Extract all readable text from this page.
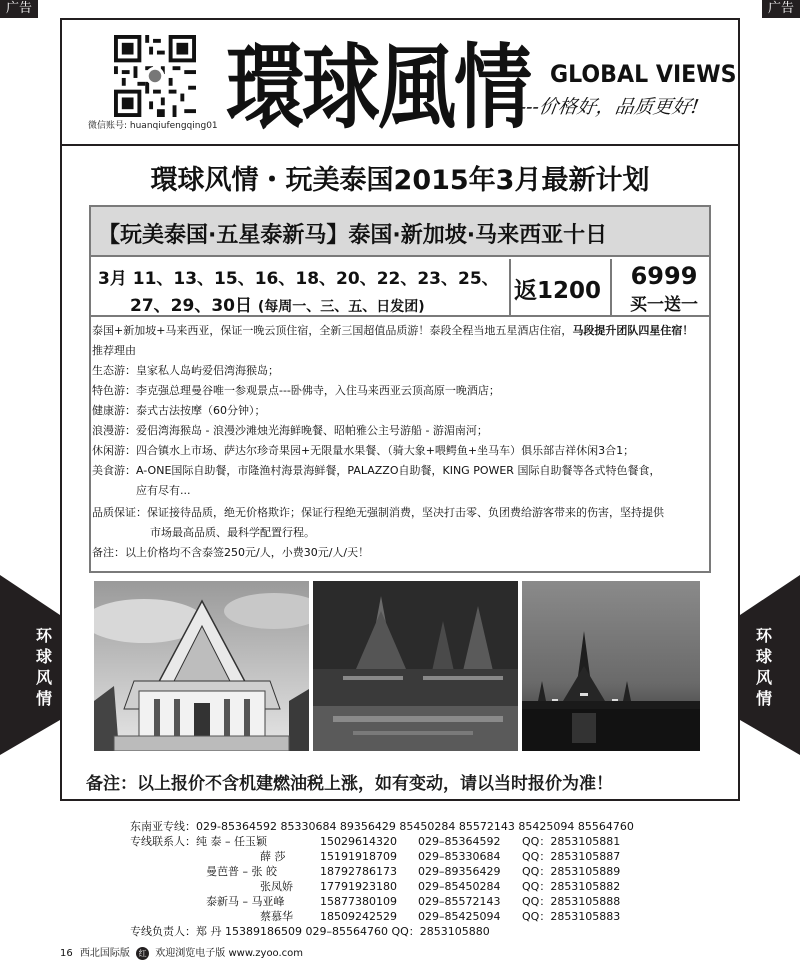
广告	广告
微信账号: huanqiufengqing01 環球風情 GLOBAL VIEWS
---价格好，品质更好!
環球风情・玩美泰国2015年3月最新计划
【玩美泰国·五星泰新马】泰国·新加坡·马来西亚十日
3月 11、13、15、16、18、20、22、23、25、
27、29、30日 (每周一、三、五、日发团)
返1200
6999
买一送一
泰国+新加坡+马来西亚，保证一晚云顶住宿，全新三国超值品质游！泰段全程当地五星酒店住宿，马段提升团队四星住宿！
推荐理由
生态游：皇家私人岛屿爱侣湾海猴岛；
特色游：李克强总理曼谷唯一参观景点---卧佛寺，入住马来西亚云顶高原一晚酒店；
健康游：泰式古法按摩（60分钟）；
浪漫游：爱侣湾海猴岛 - 浪漫沙滩烛光海鲜晚餐、昭帕雅公主号游船 - 游湄南河；
休闲游：四合镇水上市场、萨达尔珍奇果园+无限量水果餐、（骑大象+喂鳄鱼+坐马车）俱乐部吉祥休闲3合1；
美食游：A-ONE国际自助餐，市隆渔村海景海鲜餐，PALAZZO自助餐，KING POWER 国际自助餐等各式特色餐食，
应有尽有...
品质保证：保证接待品质，绝无价格欺诈；保证行程绝无强制消费，坚决打击零、负团费给游客带来的伤害，坚持提供
市场最高品质、最科学配置行程。
备注：以上价格均不含泰签250元/人，小费30元/人/天！
备注：以上报价不含机建燃油税上涨，如有变动，请以当时报价为准！
环
球
风
情
环
球
风
情
东南亚专线：029-85364592 85330684 89356429 85450284 85572143 85425094 85564760
专线联系人：纯 泰 – 任玉颖
薛 莎
曼芭普 – 张 皎
张凤娇
泰新马 – 马亚峰
蔡慕华
15029614320
15191918709
18792786173
17791923180
15877380109
18509242529
029–85364592
029–85330684
029–89356429
029–85450284
029–85572143
029–85425094
QQ：2853105881
QQ：2853105887
QQ：2853105889
QQ：2853105882
QQ：2853105888
QQ：2853105883
专线负责人：郑 丹 15389186509 029–85564760 QQ：2853105880
16 西北国际版 红 欢迎浏览电子版 www.zyoo.com
